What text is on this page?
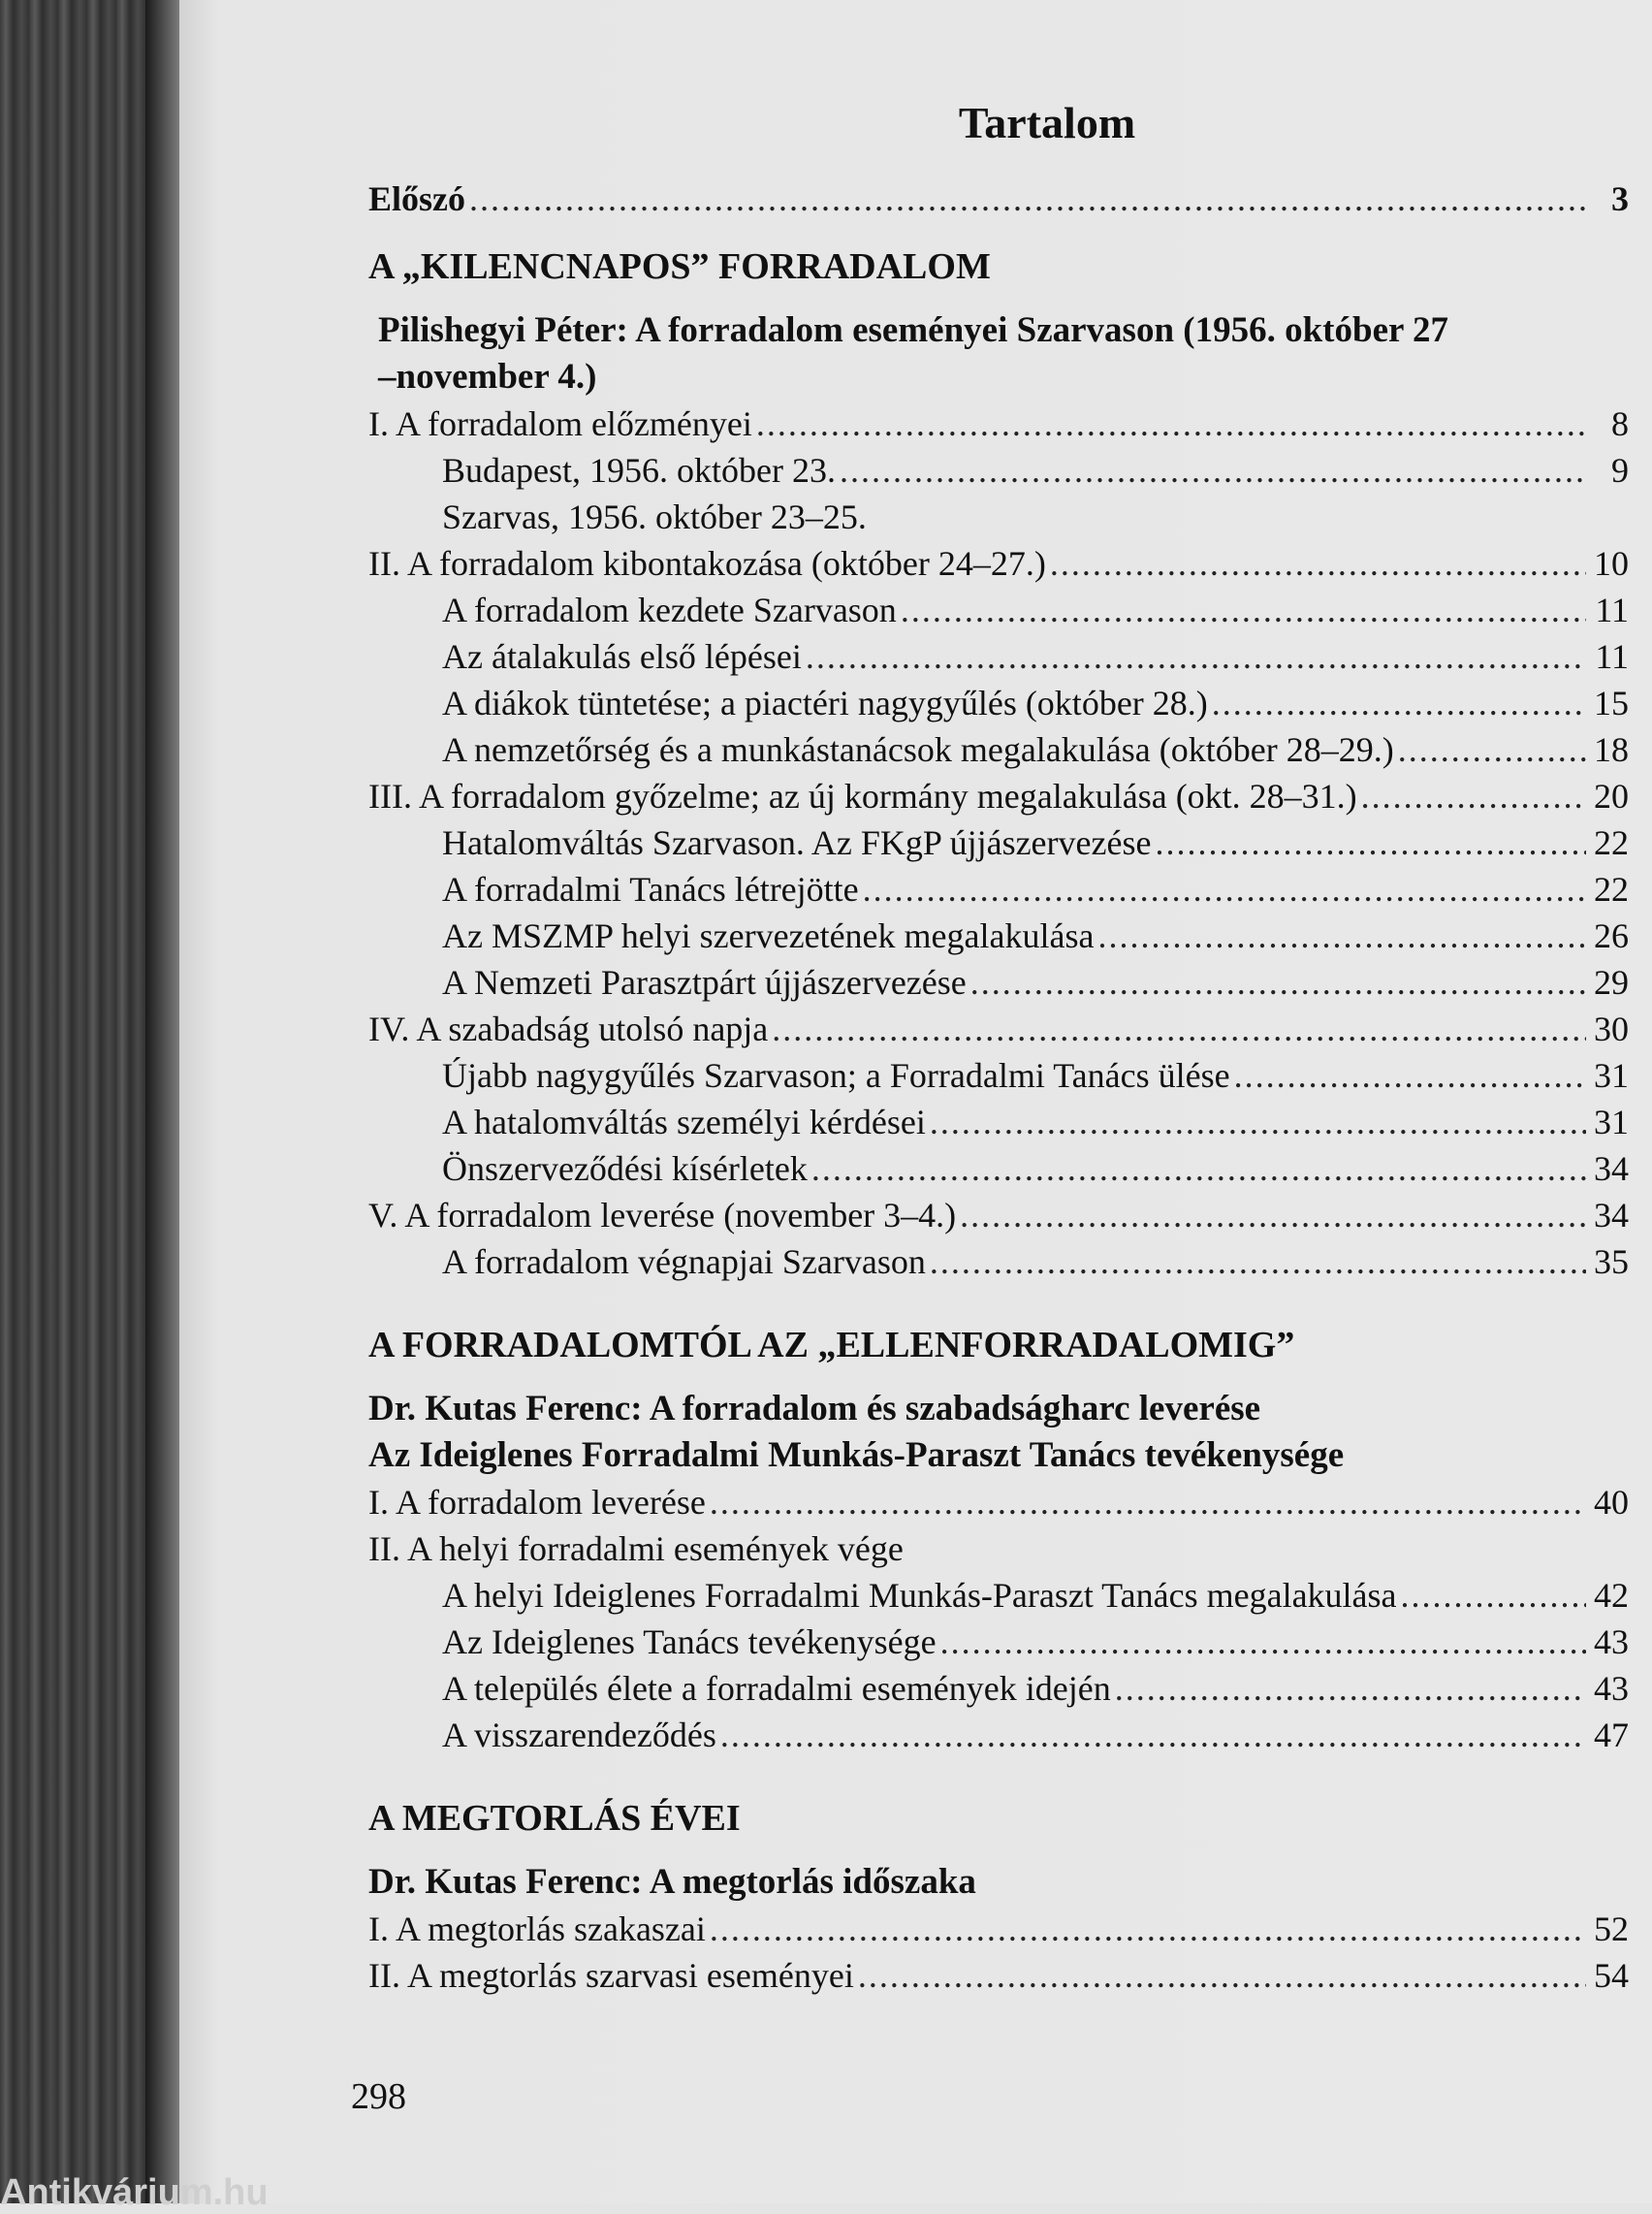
Tartalom
Előszó .....	3
A „KILENCNAPOS” FORRADALOM
Pilishegyi Péter: A forradalom eseményei Szarvason (1956. október 27
–november 4.)
I. A forradalom előzményei .....	8
Budapest, 1956. október 23. .....	9
Szarvas, 1956. október 23–25.
II. A forradalom kibontakozása (október 24–27.) .....	10
A forradalom kezdete Szarvason .....	11
Az átalakulás első lépései .....	11
A diákok tüntetése; a piactéri nagygyűlés (október 28.) .....	15
A nemzetőrség és a munkástanácsok megalakulása (október 28–29.) .....	18
III. A forradalom győzelme; az új kormány megalakulása (okt. 28–31.) .....	20
Hatalomváltás Szarvason. Az FKgP újjászervezése .....	22
A forradalmi Tanács létrejötte .....	22
Az MSZMP helyi szervezetének megalakulása .....	26
A Nemzeti Parasztpárt újjászervezése .....	29
IV. A szabadság utolsó napja .....	30
Újabb nagygyűlés Szarvason; a Forradalmi Tanács ülése .....	31
A hatalomváltás személyi kérdései .....	31
Önszerveződési kísérletek .....	34
V. A forradalom leverése (november 3–4.) .....	34
A forradalom végnapjai Szarvason .....	35
A FORRADALOMTÓL AZ „ELLENFORRADALOMIG”
Dr. Kutas Ferenc: A forradalom és szabadságharc leverése
Az Ideiglenes Forradalmi Munkás-Paraszt Tanács tevékenysége
I. A forradalom leverése .....	40
II. A helyi forradalmi események vége
A helyi Ideiglenes Forradalmi Munkás-Paraszt Tanács megalakulása .....	42
Az Ideiglenes Tanács tevékenysége .....	43
A település élete a forradalmi események idején .....	43
A visszarendeződés .....	47
A MEGTORLÁS ÉVEI
Dr. Kutas Ferenc: A megtorlás időszaka
I. A megtorlás szakaszai .....	52
II. A megtorlás szarvasi eseményei .....	54
298
Antikvárium.hu
